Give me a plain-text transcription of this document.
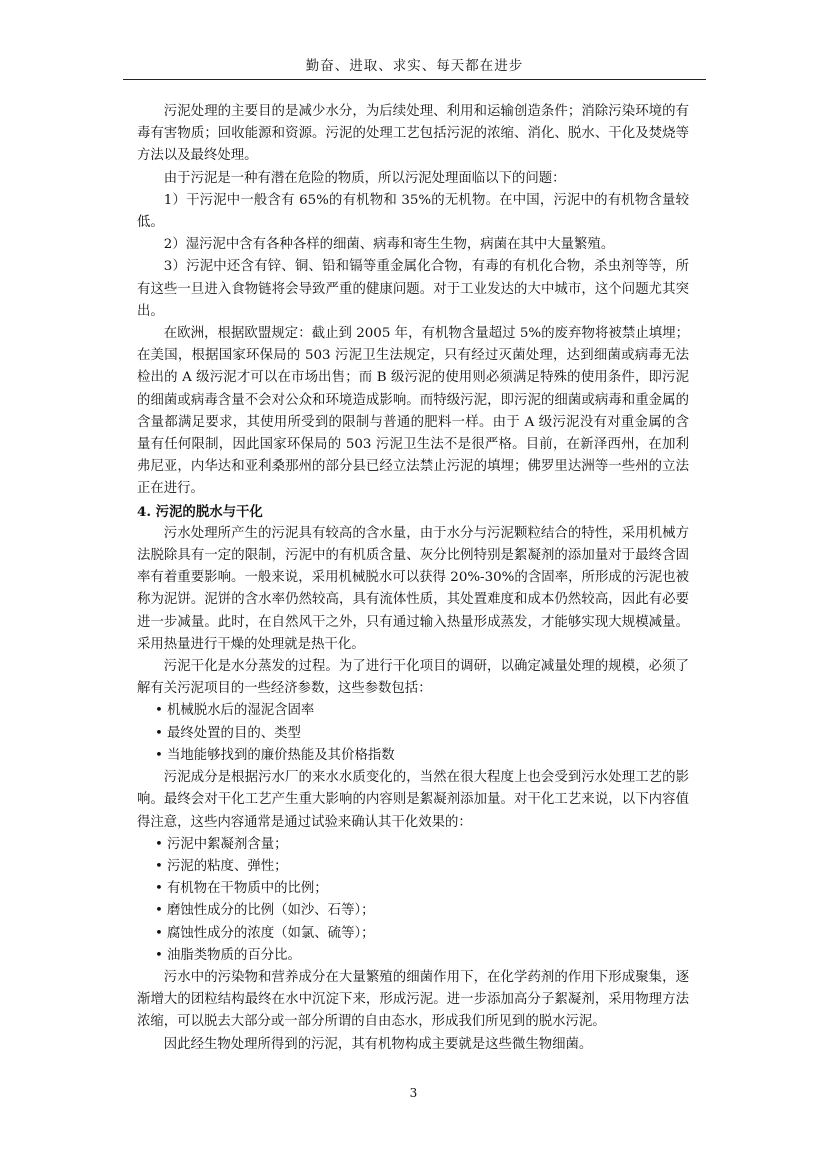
勤奋、进取、求实、每天都在进步

污泥处理的主要目的是减少水分，为后续处理、利用和运输创造条件；消除污染环境的有毒有害物质；回收能源和资源。污泥的处理工艺包括污泥的浓缩、消化、脱水、干化及焚烧等方法以及最终处理。

由于污泥是一种有潜在危险的物质，所以污泥处理面临以下的问题：

1）干污泥中一般含有 65%的有机物和 35%的无机物。在中国，污泥中的有机物含量较低。

2）湿污泥中含有各种各样的细菌、病毒和寄生生物，病菌在其中大量繁殖。

3）污泥中还含有锌、铜、铅和镉等重金属化合物，有毒的有机化合物，杀虫剂等等，所有这些一旦进入食物链将会导致严重的健康问题。对于工业发达的大中城市，这个问题尤其突出。

在欧洲，根据欧盟规定：截止到 2005 年，有机物含量超过 5%的废弃物将被禁止填埋；在美国，根据国家环保局的 503 污泥卫生法规定，只有经过灭菌处理，达到细菌或病毒无法检出的 A 级污泥才可以在市场出售；而 B 级污泥的使用则必须满足特殊的使用条件，即污泥的细菌或病毒含量不会对公众和环境造成影响。而特级污泥，即污泥的细菌或病毒和重金属的含量都满足要求，其使用所受到的限制与普通的肥料一样。由于 A 级污泥没有对重金属的含量有任何限制，因此国家环保局的 503 污泥卫生法不是很严格。目前，在新泽西州，在加利弗尼亚，内华达和亚利桑那州的部分县已经立法禁止污泥的填埋；佛罗里达洲等一些州的立法正在进行。

4. 污泥的脱水与干化

污水处理所产生的污泥具有较高的含水量，由于水分与污泥颗粒结合的特性，采用机械方法脱除具有一定的限制，污泥中的有机质含量、灰分比例特别是絮凝剂的添加量对于最终含固率有着重要影响。一般来说，采用机械脱水可以获得 20%-30%的含固率，所形成的污泥也被称为泥饼。泥饼的含水率仍然较高，具有流体性质，其处置难度和成本仍然较高，因此有必要进一步减量。此时，在自然风干之外，只有通过输入热量形成蒸发，才能够实现大规模减量。采用热量进行干燥的处理就是热干化。

污泥干化是水分蒸发的过程。为了进行干化项目的调研，以确定减量处理的规模，必须了解有关污泥项目的一些经济参数，这些参数包括：

• 机械脱水后的湿泥含固率
• 最终处置的目的、类型
• 当地能够找到的廉价热能及其价格指数

污泥成分是根据污水厂的来水水质变化的，当然在很大程度上也会受到污水处理工艺的影响。最终会对干化工艺产生重大影响的内容则是絮凝剂添加量。对干化工艺来说，以下内容值得注意，这些内容通常是通过试验来确认其干化效果的：

• 污泥中絮凝剂含量；
• 污泥的粘度、弹性；
• 有机物在干物质中的比例；
• 磨蚀性成分的比例（如沙、石等）；
• 腐蚀性成分的浓度（如氯、硫等）；
• 油脂类物质的百分比。

污水中的污染物和营养成分在大量繁殖的细菌作用下，在化学药剂的作用下形成聚集，逐渐增大的团粒结构最终在水中沉淀下来，形成污泥。进一步添加高分子絮凝剂，采用物理方法浓缩，可以脱去大部分或一部分所谓的自由态水，形成我们所见到的脱水污泥。

因此经生物处理所得到的污泥，其有机物构成主要就是这些微生物细菌。

3
